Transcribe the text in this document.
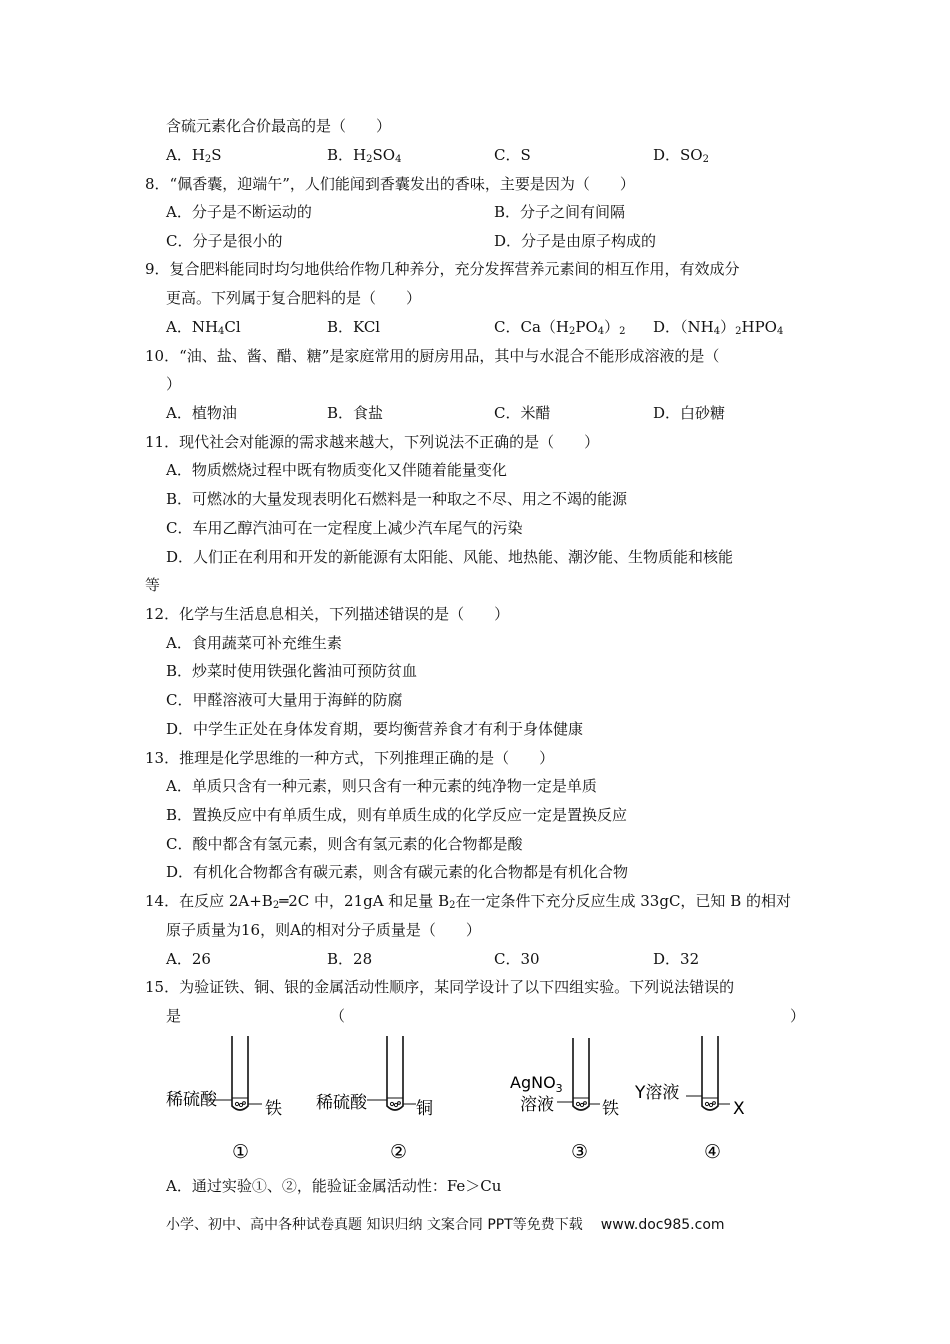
含硫元素化合价最高的是（　　）
A．$H_2S$	B．$H_2SO_4$	C．S	D．$SO_2$
8．“佩香囊，迎端午”，人们能闻到香囊发出的香味，主要是因为（　　）
A．分子是不断运动的	B．分子之间有间隔
C．分子是很小的	D．分子是由原子构成的
9．复合肥料能同时均匀地供给作物几种养分，充分发挥营养元素间的相互作用，有效成分
更高。下列属于复合肥料的是（　　）
A．$NH_4Cl$	B．KCl	C．$Ca(H_2PO_4)_2$ D．$(NH_4)_2HPO_4$
10．“油、盐、酱、醋、糖”是家庭常用的厨房用品，其中与水混合不能形成溶液的是（
）
A．植物油	B．食盐	C．米醋	D．白砂糖
11．现代社会对能源的需求越来越大，下列说法不正确的是（　　）
A．物质燃烧过程中既有物质变化又伴随着能量变化
B．可燃冰的大量发现表明化石燃料是一种取之不尽、用之不竭的能源
C．车用乙醇汽油可在一定程度上减少汽车尾气的污染
D．人们正在利用和开发的新能源有太阳能、风能、地热能、潮汐能、生物质能和核能
等
12．化学与生活息息相关，下列描述错误的是（　　）
A．食用蔬菜可补充维生素
B．炒菜时使用铁强化酱油可预防贫血
C．甲醛溶液可大量用于海鲜的防腐
D．中学生正处在身体发育期，要均衡营养食才有利于身体健康
13．推理是化学思维的一种方式，下列推理正确的是（　　）
A．单质只含有一种元素，则只含有一种元素的纯净物一定是单质
B．置换反应中有单质生成，则有单质生成的化学反应一定是置换反应
C．酸中都含有氢元素，则含有氢元素的化合物都是酸
D．有机化合物都含有碳元素，则含有碳元素的化合物都是有机化合物
14．在反应 $2A+B_2═2C$ 中，21gA 和足量 $B_2$在一定条件下充分反应生成 33gC，已知 B 的相对
原子质量为16，则A的相对分子质量是（　　）
A．26	B．28	C．30	D．32
15．为验证铁、铜、银的金属活动性顺序，某同学设计了以下四组实验。下列说法错误的
是	（	）
稀硫酸	铁
①
稀硫酸	铜
②
AgNO$_3$
溶液	铁
③
Y溶液
X
④
A．通过实验①、②，能验证金属活动性：Fe＞Cu
小学、初中、高中各种试卷真题 知识归纳 文案合同 PPT等免费下载 www.doc985.com
